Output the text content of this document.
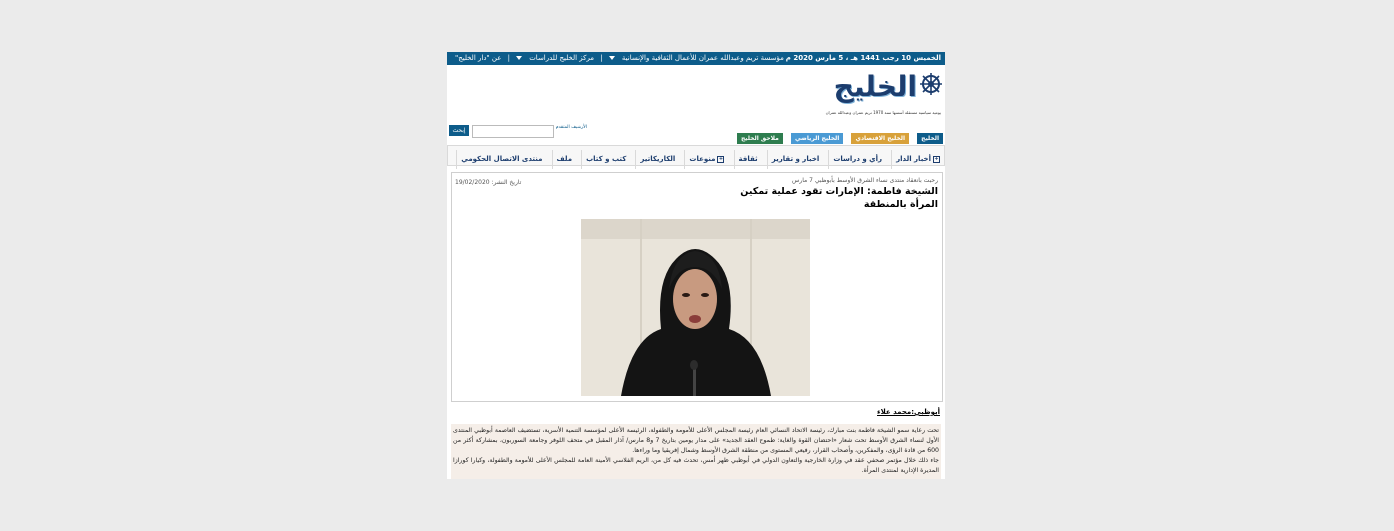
الخميس 10 رجب 1441 هـ ، 5 مارس 2020 م
مؤسسة تريم وعبدالله عمران للأعمال الثقافية والإنسانية | مركز الخليج للدراسات | عن "دار الخليج"
الخليج
يومية سياسية مستقلة أسسها سنة 1970 تريم عمران وعبدالله عمران
الخليج الخليج الاقتصادي الخليج الرياضي ملاحق الخليج
إبحث	الأرشيف المتقدم
+أخبار الدار رأي و دراسات اخبار و تقارير ثقافة +منوعات الكاريكاتير كتب و كتاب ملف منتدى الاتصال الحكومي
رحبت بانعقاد منتدى نساء الشرق الأوسط بأبوظبي 7 مارس
تاريخ النشر: 19/02/2020
الشيخة فاطمة: الإمارات تقود عملية تمكين المرأة بالمنطقة
أبوظبي:محمد علاء

تحت رعاية سمو الشيخة فاطمة بنت مبارك، رئيسة الاتحاد النسائي العام رئيسة المجلس الأعلى للأمومة والطفولة، الرئيسة الأعلى لمؤسسة التنمية الأسرية، تستضيف العاصمة أبوظبي المنتدى الأول لنساء الشرق الأوسط تحت شعار «احتضان القوة والغاية: طموح العقد الجديد» على مدار يومين بتاريخ 7 و8 مارس/ آذار المقبل في متحف اللوفر وجامعة السوربون، بمشاركة أكثر من 600 من قادة الرؤى، والمفكرين، وأصحاب القرار، رفيعي المستوى من منطقة الشرق الأوسط وشمال إفريقيا وما وراءها.

جاء ذلك خلال مؤتمر صحفي عقد في وزارة الخارجية والتعاون الدولي في أبوظبي ظهر أمس، تحدث فيه كل من، الريم الفلاسي الأمينة العامة للمجلس الأعلى للأمومة والطفولة، وكيارا كورازا المديرة الإدارية لمنتدى المرأة.
